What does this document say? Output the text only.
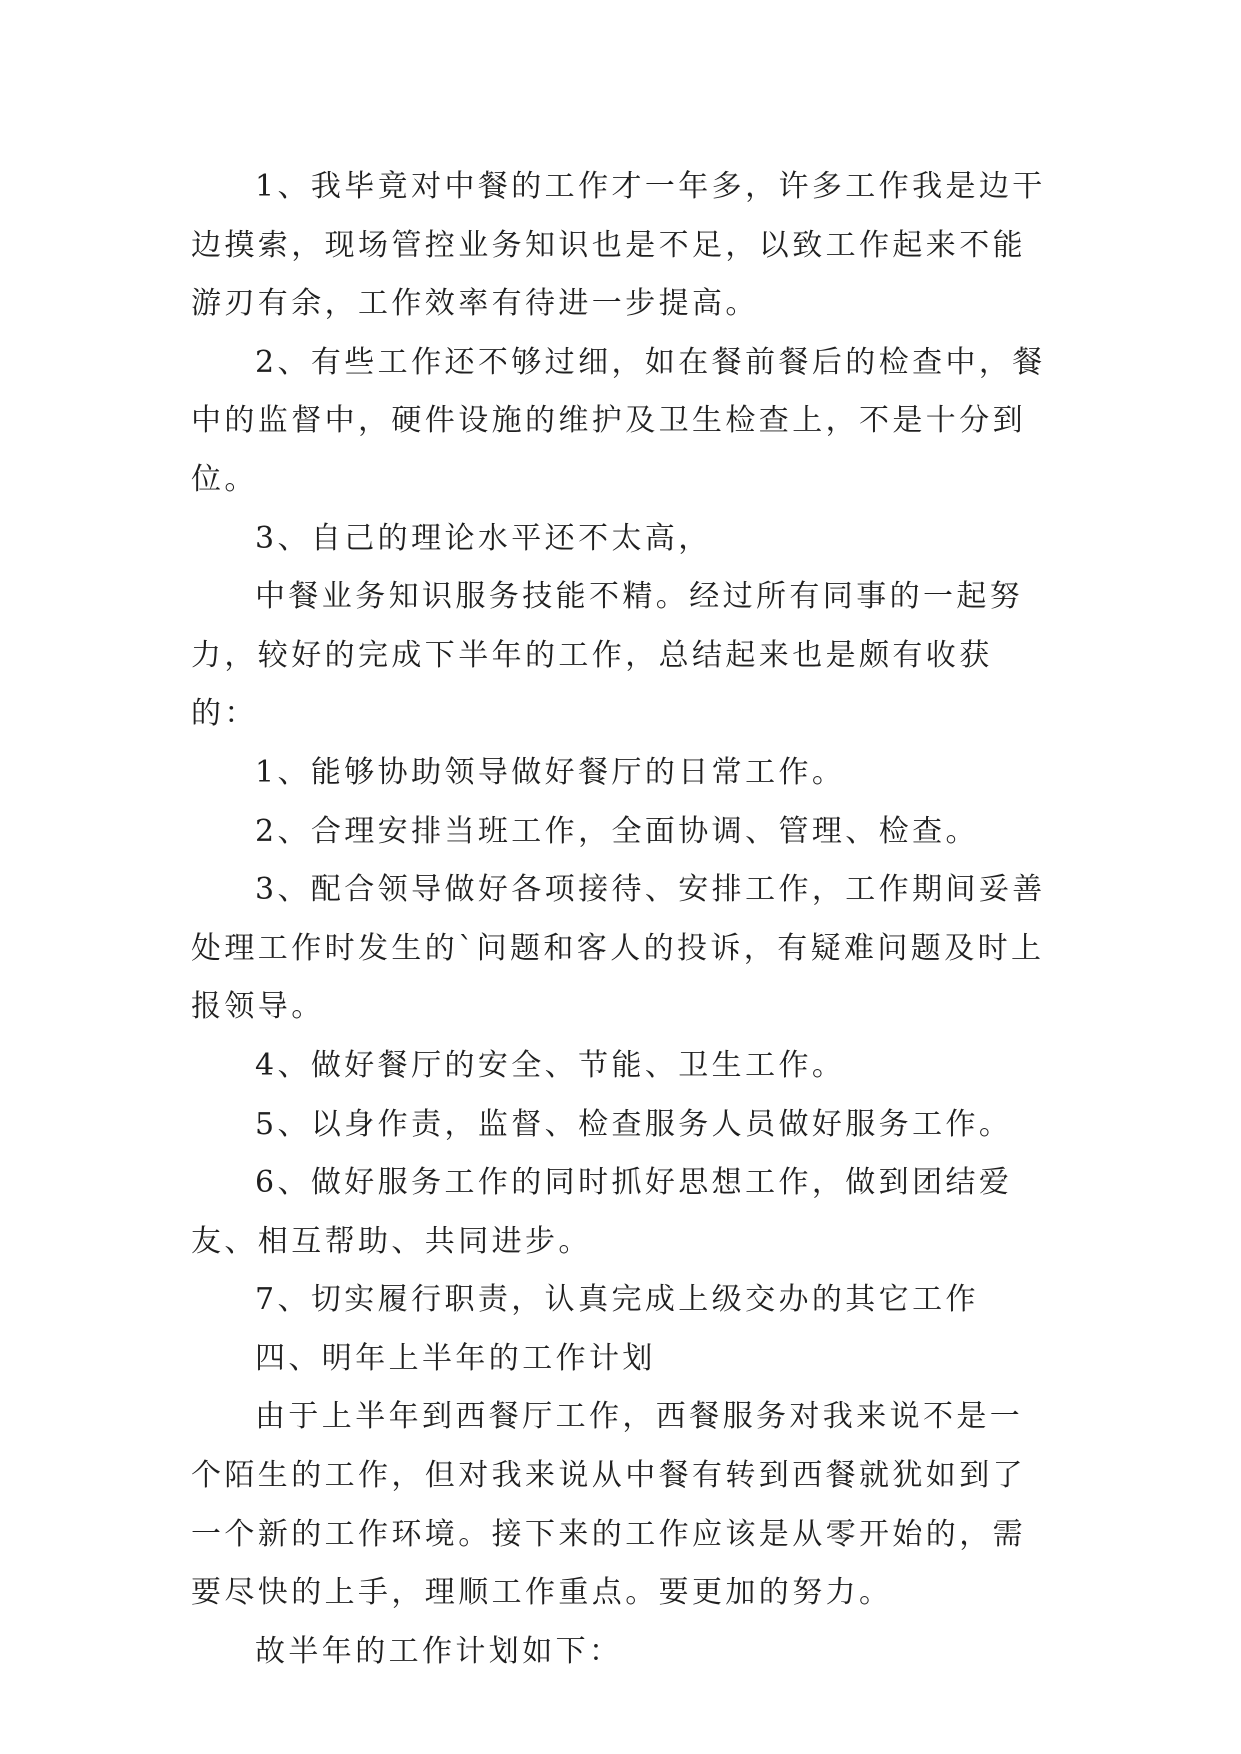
1、我毕竟对中餐的工作才一年多，许多工作我是边干边摸索，现场管控业务知识也是不足，以致工作起来不能游刃有余，工作效率有待进一步提高。

2、有些工作还不够过细，如在餐前餐后的检查中，餐中的监督中，硬件设施的维护及卫生检查上，不是十分到位。

3、自己的理论水平还不太高，

中餐业务知识服务技能不精。经过所有同事的一起努力，较好的完成下半年的工作，总结起来也是颇有收获的：

1、能够协助领导做好餐厅的日常工作。

2、合理安排当班工作，全面协调、管理、检查。

3、配合领导做好各项接待、安排工作，工作期间妥善处理工作时发生的`问题和客人的投诉，有疑难问题及时上报领导。

4、做好餐厅的安全、节能、卫生工作。

5、以身作责，监督、检查服务人员做好服务工作。

6、做好服务工作的同时抓好思想工作，做到团结爱友、相互帮助、共同进步。

7、切实履行职责，认真完成上级交办的其它工作

四、明年上半年的工作计划

由于上半年到西餐厅工作，西餐服务对我来说不是一个陌生的工作，但对我来说从中餐有转到西餐就犹如到了一个新的工作环境。接下来的工作应该是从零开始的，需要尽快的上手，理顺工作重点。要更加的努力。

故半年的工作计划如下：
